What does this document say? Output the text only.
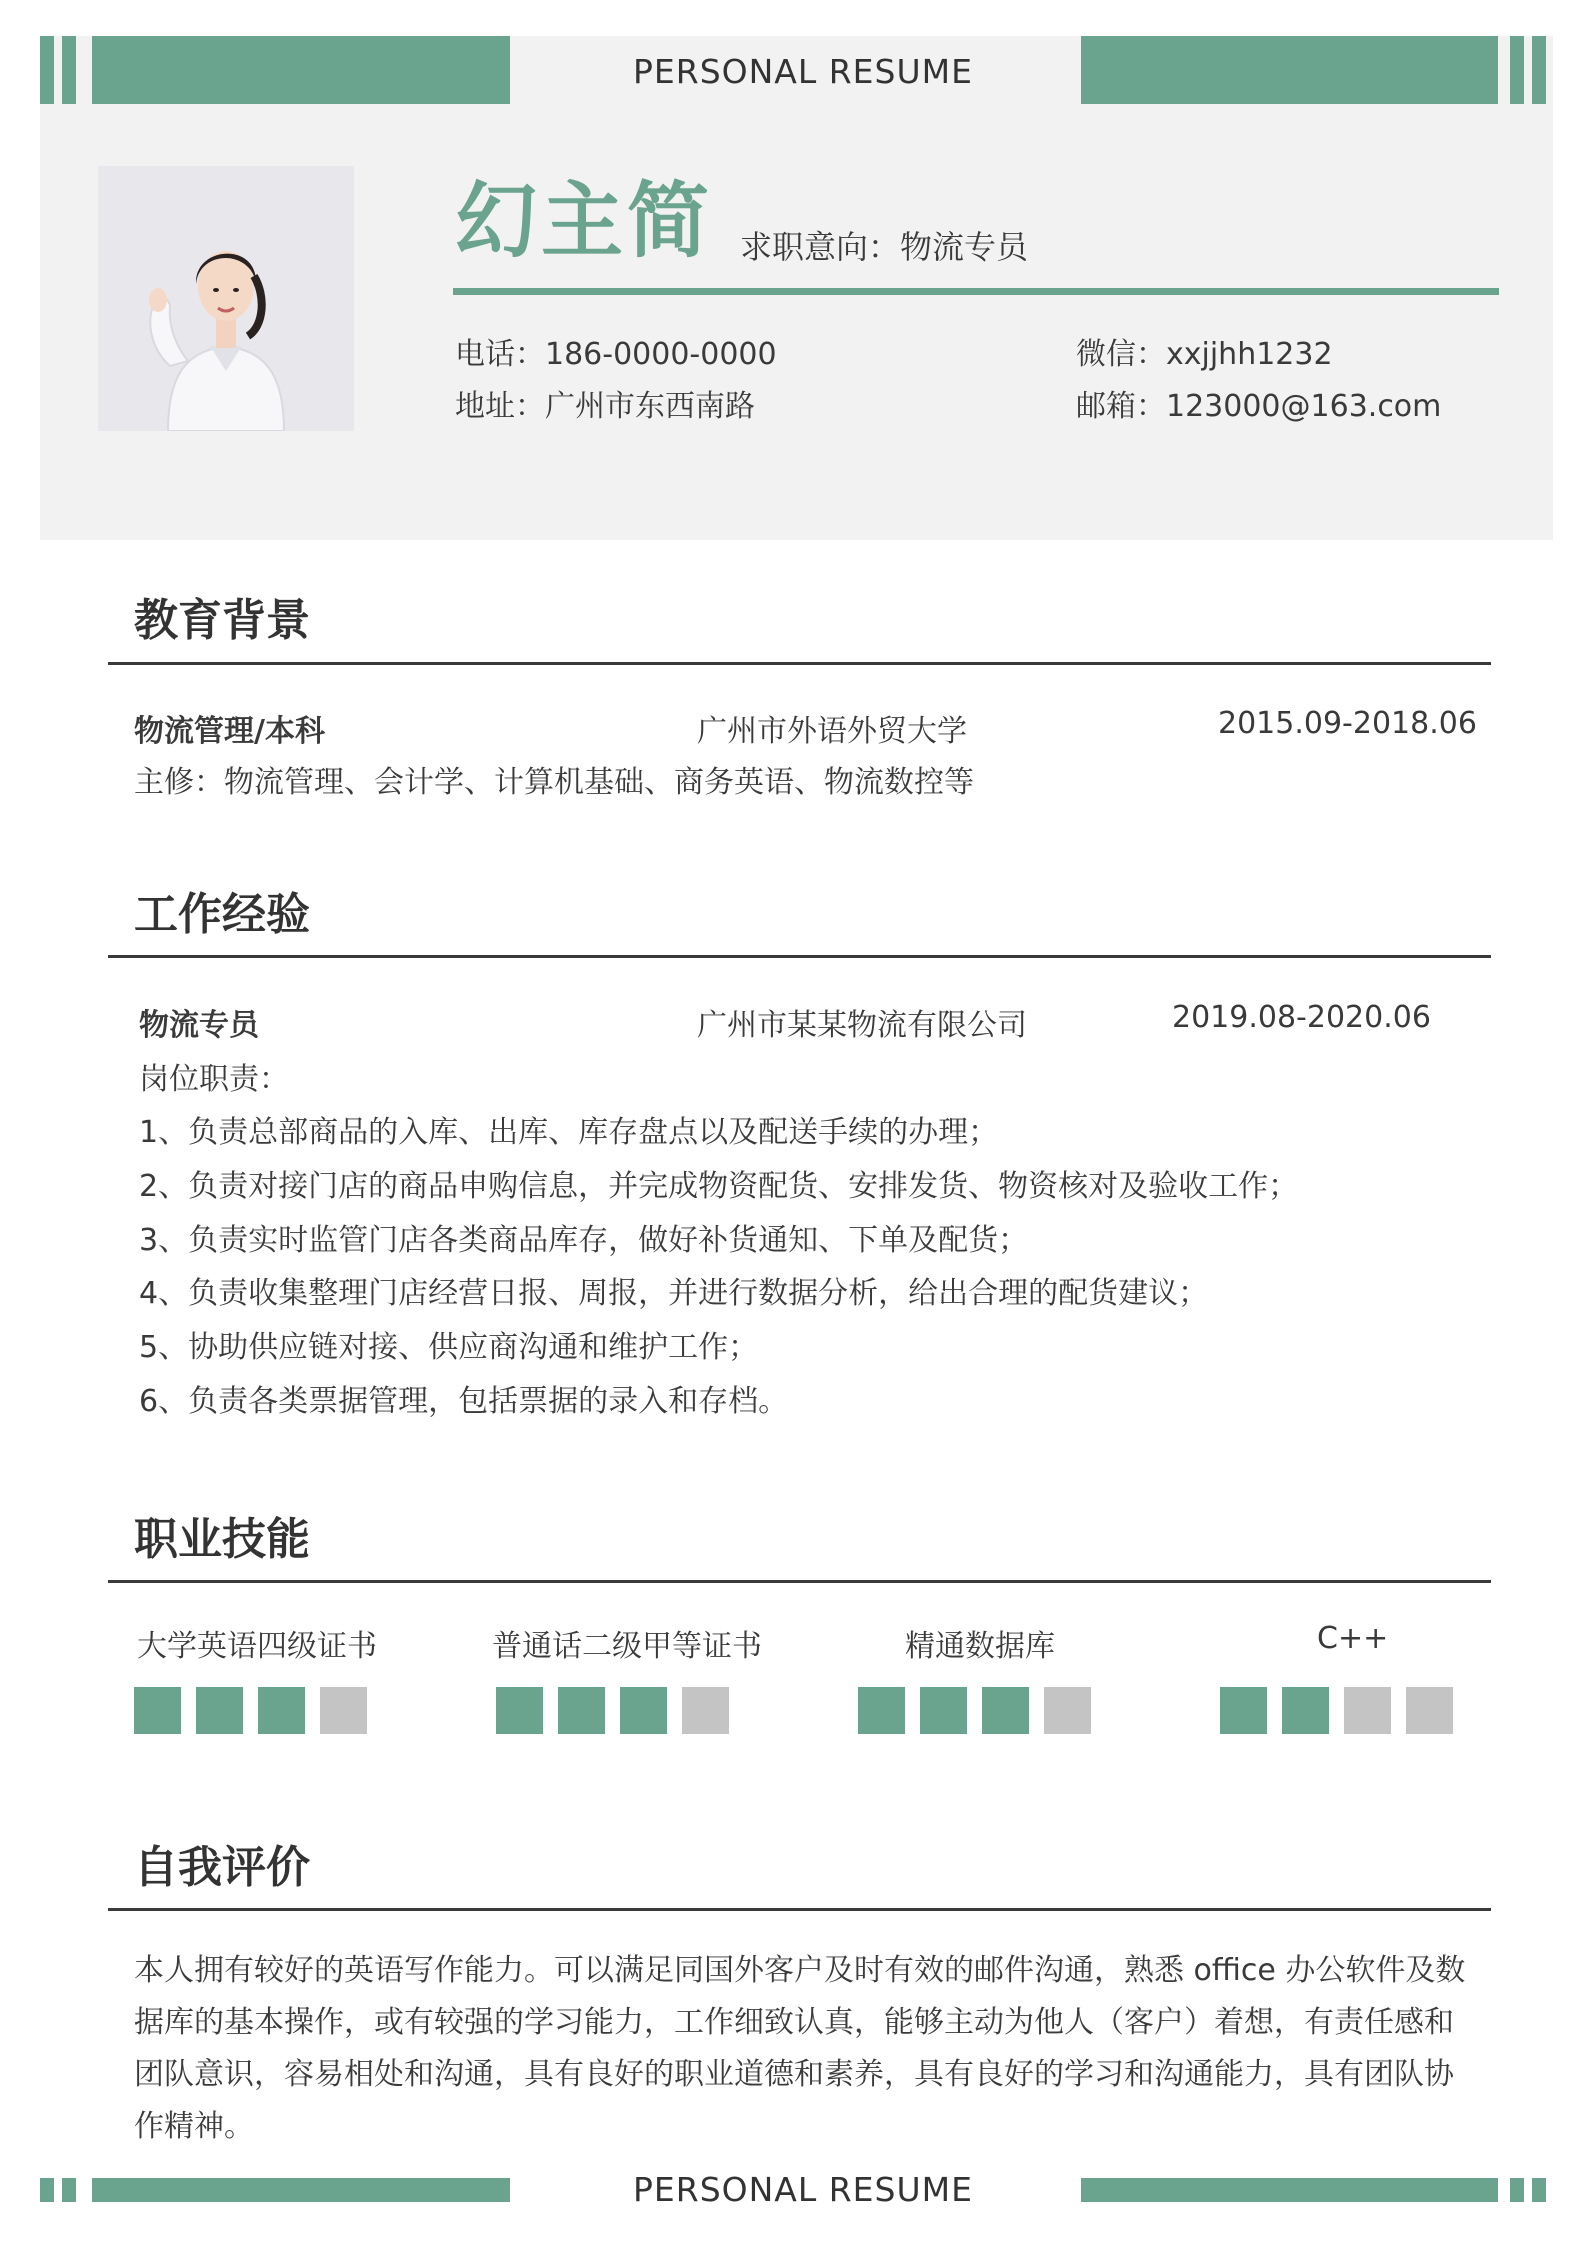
PERSONAL RESUME
幻主简 求职意向：物流专员
电话：186-0000-0000
地址：广州市东西南路
微信：xxjjhh1232
邮箱：123000@163.com
教育背景
物流管理/本科	广州市外语外贸大学	2015.09-2018.06
主修：物流管理、会计学、计算机基础、商务英语、物流数控等
工作经验
物流专员	广州市某某物流有限公司	2019.08-2020.06
岗位职责：
1、负责总部商品的入库、出库、库存盘点以及配送手续的办理；
2、负责对接门店的商品申购信息，并完成物资配货、安排发货、物资核对及验收工作；
3、负责实时监管门店各类商品库存，做好补货通知、下单及配货；
4、负责收集整理门店经营日报、周报，并进行数据分析，给出合理的配货建议；
5、协助供应链对接、供应商沟通和维护工作；
6、负责各类票据管理，包括票据的录入和存档。
职业技能
大学英语四级证书	普通话二级甲等证书	精通数据库	C++
自我评价
本人拥有较好的英语写作能力。可以满足同国外客户及时有效的邮件沟通，熟悉 office 办公软件及数据库的基本操作，或有较强的学习能力，工作细致认真，能够主动为他人（客户）着想，有责任感和团队意识，容易相处和沟通，具有良好的职业道德和素养，具有良好的学习和沟通能力，具有团队协作精神。
PERSONAL RESUME
